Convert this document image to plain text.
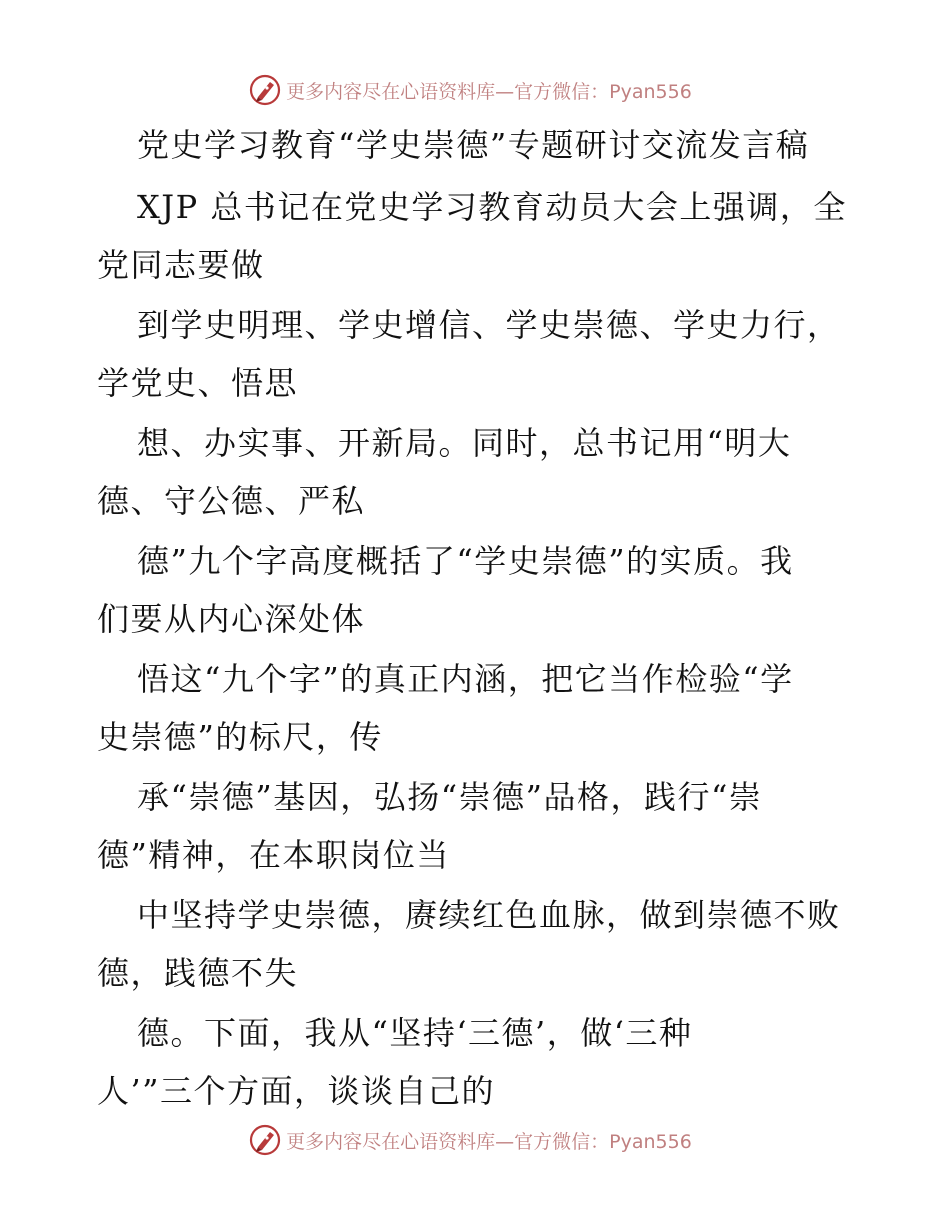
更多内容尽在心语资料库—官方微信：Pyan556
党史学习教育“学史崇德”专题研讨交流发言稿
XJP 总书记在党史学习教育动员大会上强调，全
党同志要做
到学史明理、学史增信、学史崇德、学史力行，
学党史、悟思
想、办实事、开新局。同时，总书记用“明大
德、守公德、严私
德”九个字高度概括了“学史崇德”的实质。我
们要从内心深处体
悟这“九个字”的真正内涵，把它当作检验“学
史崇德”的标尺，传
承“崇德”基因，弘扬“崇德”品格，践行“崇
德”精神，在本职岗位当
中坚持学史崇德，赓续红色血脉，做到崇德不败
德，践德不失
德。下面，我从“坚持‘三德’，做‘三种
人’”三个方面，谈谈自己的
更多内容尽在心语资料库—官方微信：Pyan556
